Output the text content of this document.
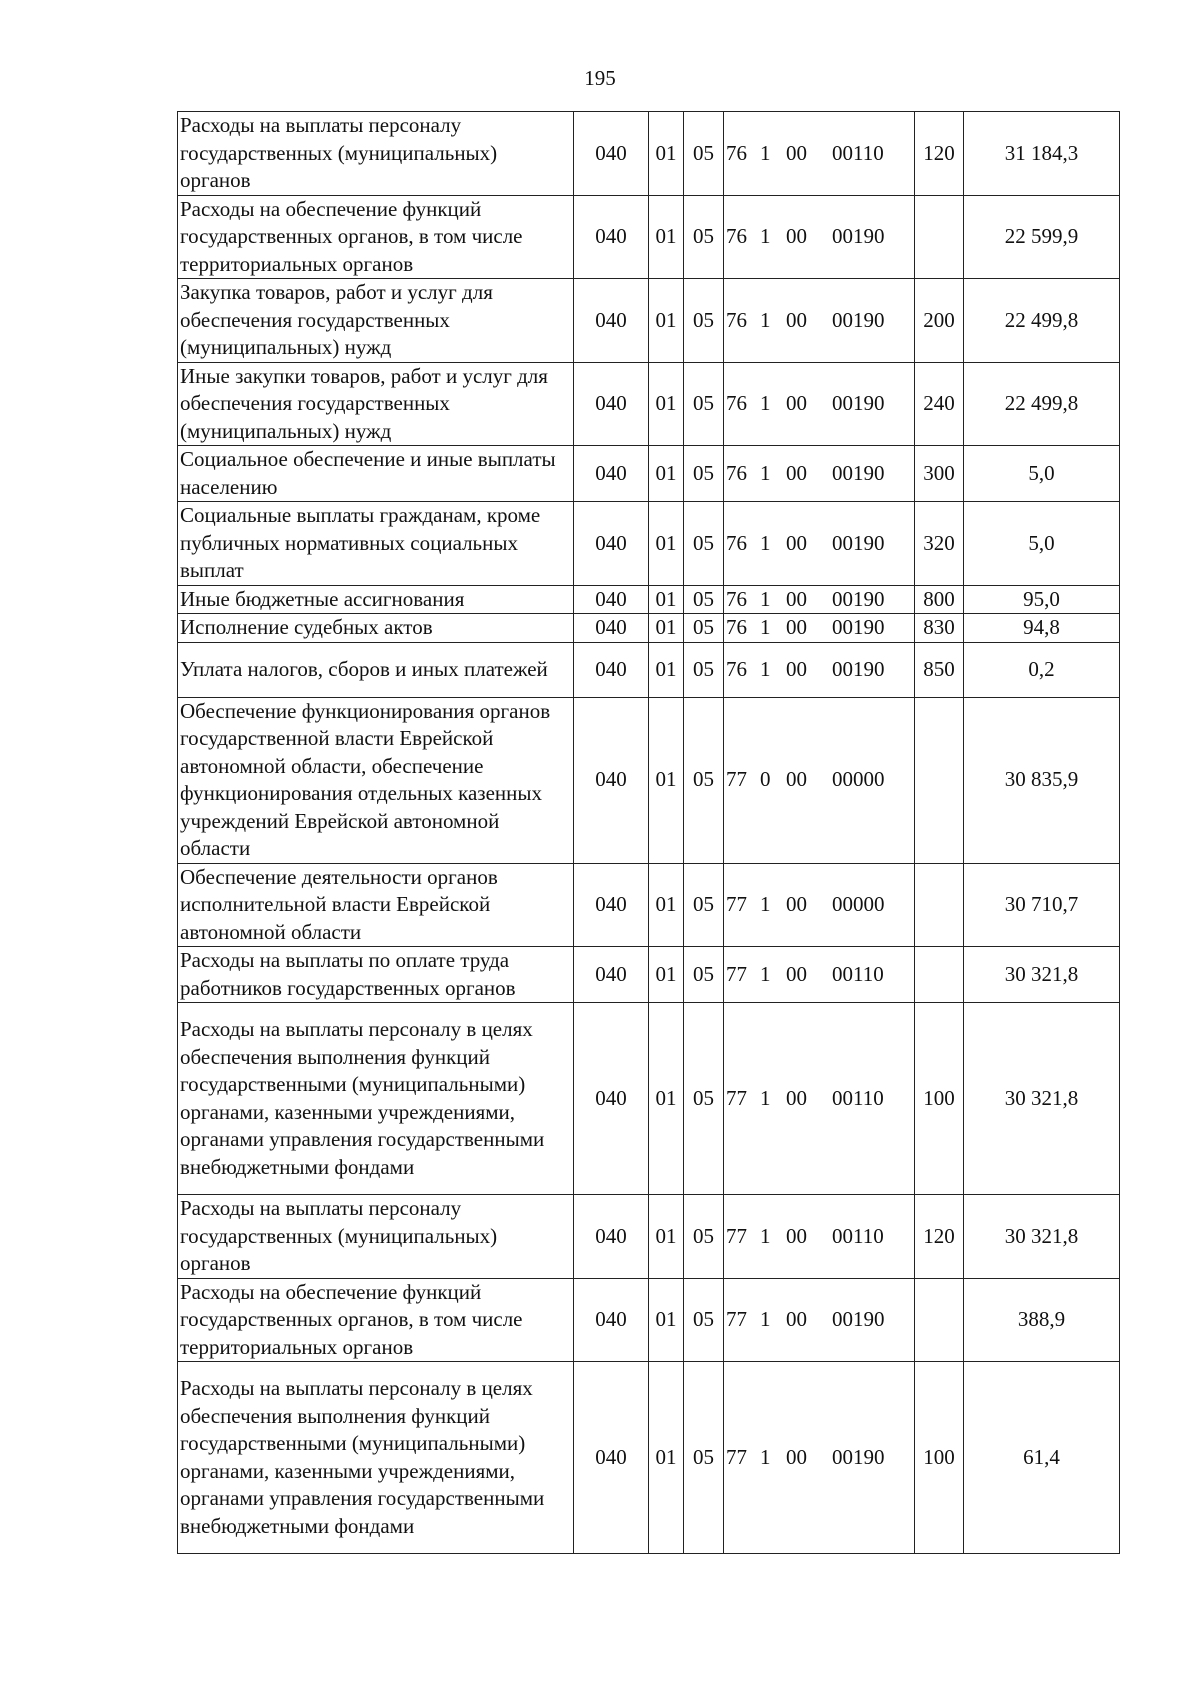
195
Расходы на выплаты персоналу государственных (муниципальных) органов	040	01	05	76 1 00 00110	120	31 184,3
Расходы на обеспечение функций государственных органов, в том числе территориальных органов	040	01	05	76 1 00 00190		22 599,9
Закупка товаров, работ и услуг для обеспечения государственных (муниципальных) нужд	040	01	05	76 1 00 00190	200	22 499,8
Иные закупки товаров, работ и услуг для обеспечения государственных (муниципальных) нужд	040	01	05	76 1 00 00190	240	22 499,8
Социальное обеспечение и иные выплаты населению	040	01	05	76 1 00 00190	300	5,0
Социальные выплаты гражданам, кроме публичных нормативных социальных выплат	040	01	05	76 1 00 00190	320	5,0
Иные бюджетные ассигнования	040	01	05	76 1 00 00190	800	95,0
Исполнение судебных актов	040	01	05	76 1 00 00190	830	94,8
Уплата налогов, сборов и иных платежей	040	01	05	76 1 00 00190	850	0,2
Обеспечение функционирования органов государственной власти Еврейской автономной области, обеспечение функционирования отдельных казенных учреждений Еврейской автономной области	040	01	05	77 0 00 00000		30 835,9
Обеспечение деятельности органов исполнительной власти Еврейской автономной области	040	01	05	77 1 00 00000		30 710,7
Расходы на выплаты по оплате труда работников государственных органов	040	01	05	77 1 00 00110		30 321,8
Расходы на выплаты персоналу в целях обеспечения выполнения функций государственными (муниципальными) органами, казенными учреждениями, органами управления государственными внебюджетными фондами	040	01	05	77 1 00 00110	100	30 321,8
Расходы на выплаты персоналу государственных (муниципальных) органов	040	01	05	77 1 00 00110	120	30 321,8
Расходы на обеспечение функций государственных органов, в том числе территориальных органов	040	01	05	77 1 00 00190		388,9
Расходы на выплаты персоналу в целях обеспечения выполнения функций государственными (муниципальными) органами, казенными учреждениями, органами управления государственными внебюджетными фондами	040	01	05	77 1 00 00190	100	61,4
